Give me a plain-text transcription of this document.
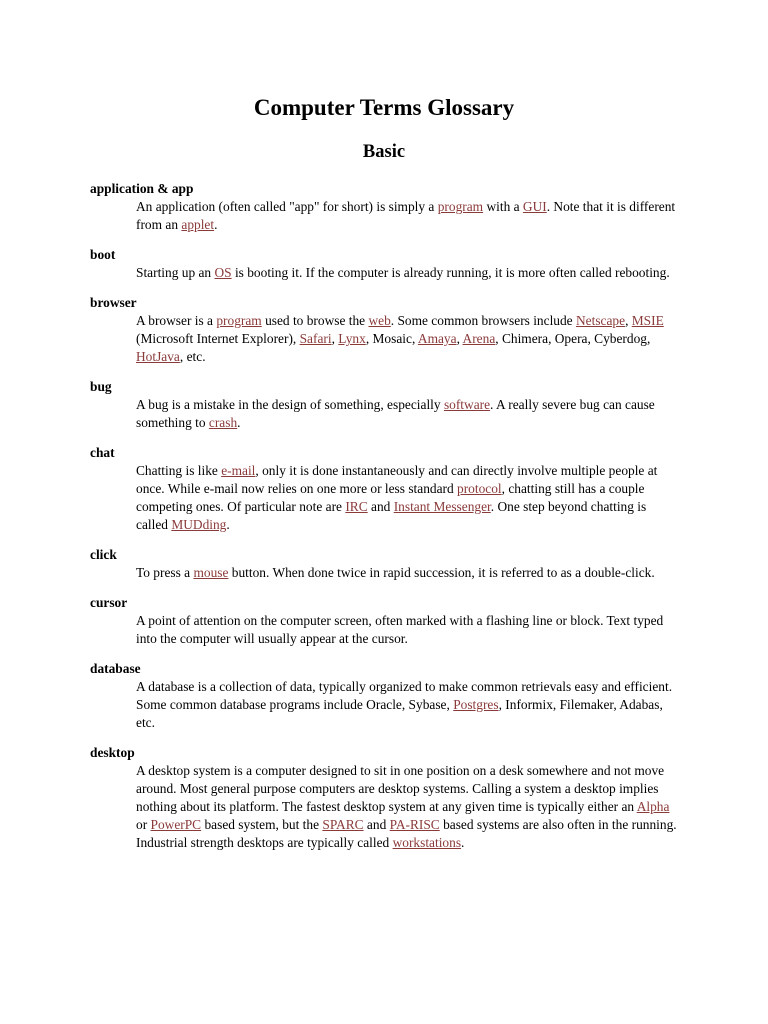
Computer Terms Glossary
Basic
application & app
An application (often called "app" for short) is simply a program with a GUI. Note that it is different from an applet.
boot
Starting up an OS is booting it. If the computer is already running, it is more often called rebooting.
browser
A browser is a program used to browse the web. Some common browsers include Netscape, MSIE (Microsoft Internet Explorer), Safari, Lynx, Mosaic, Amaya, Arena, Chimera, Opera, Cyberdog, HotJava, etc.
bug
A bug is a mistake in the design of something, especially software. A really severe bug can cause something to crash.
chat
Chatting is like e-mail, only it is done instantaneously and can directly involve multiple people at once. While e-mail now relies on one more or less standard protocol, chatting still has a couple competing ones. Of particular note are IRC and Instant Messenger. One step beyond chatting is called MUDding.
click
To press a mouse button. When done twice in rapid succession, it is referred to as a double-click.
cursor
A point of attention on the computer screen, often marked with a flashing line or block. Text typed into the computer will usually appear at the cursor.
database
A database is a collection of data, typically organized to make common retrievals easy and efficient. Some common database programs include Oracle, Sybase, Postgres, Informix, Filemaker, Adabas, etc.
desktop
A desktop system is a computer designed to sit in one position on a desk somewhere and not move around. Most general purpose computers are desktop systems. Calling a system a desktop implies nothing about its platform. The fastest desktop system at any given time is typically either an Alpha or PowerPC based system, but the SPARC and PA-RISC based systems are also often in the running. Industrial strength desktops are typically called workstations.
